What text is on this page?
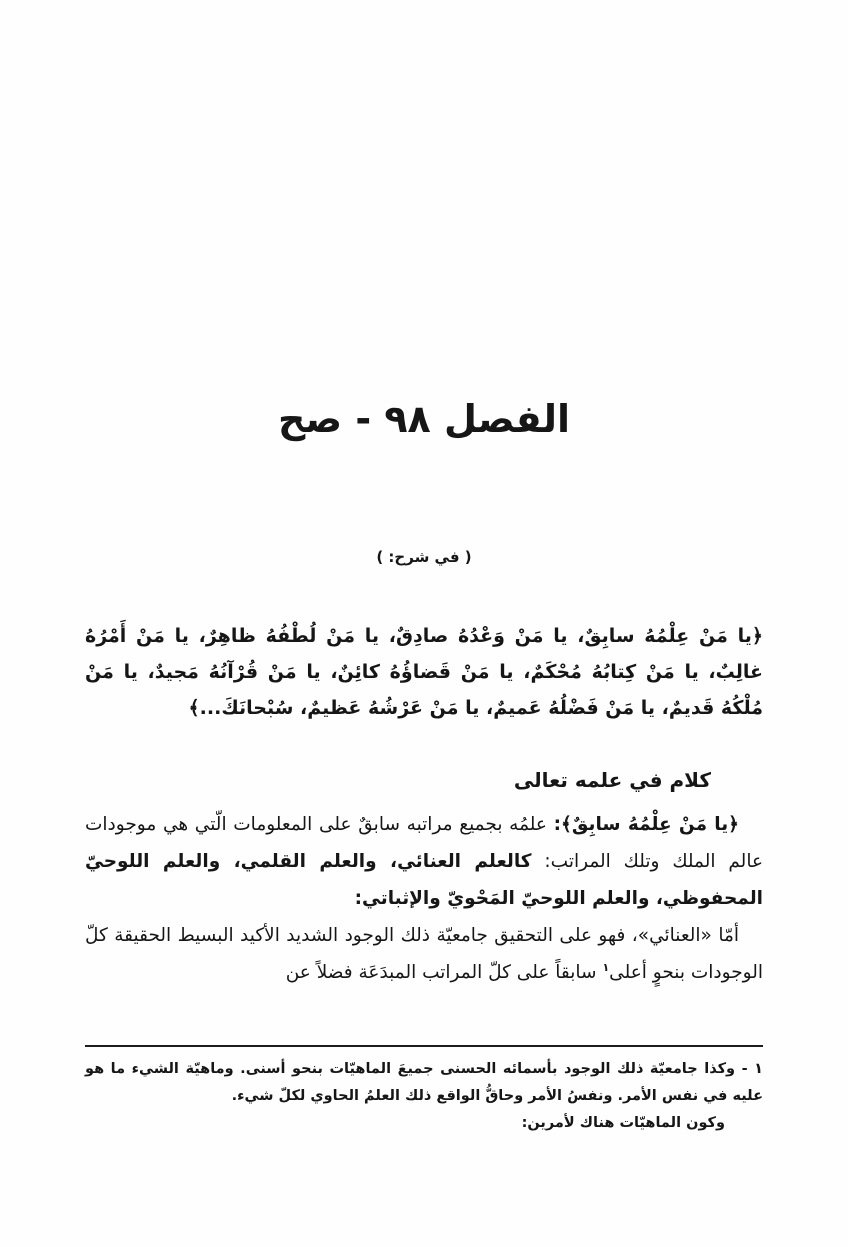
الفصل ٩٨ - صح
( في شرح: )

﴿يا مَنْ عِلْمُهُ سابِقٌ، يا مَنْ وَعْدُهُ صادِقٌ، يا مَنْ لُطْفُهُ ظاهِرٌ، يا مَنْ أَمْرُهُ غالِبٌ، يا مَنْ كِتابُهُ مُحْكَمٌ، يا مَنْ قَضاؤُهُ كائِنٌ، يا مَنْ قُرْآنُهُ مَجيدٌ، يا مَنْ مُلْكُهُ قَديمٌ، يا مَنْ فَضْلُهُ عَميمٌ، يا مَنْ عَرْشُهُ عَظيمٌ، سُبْحانَكَ...﴾

كلام في علمه تعالى

﴿يا مَنْ عِلْمُهُ سابِقٌ﴾: علمُه بجميع مراتبه سابقٌ على المعلومات الّتي هي موجودات عالم الملك وتلك المراتب: كالعلم العنائي، والعلم القلمي، والعلم اللوحيّ المحفوظي، والعلم اللوحيّ المَحْويّ والإثباتي:

أمّا «العنائي»، فهو على التحقيق جامعيّة ذلك الوجود الشديد الأكيد البسيط الحقيقة كلّ الوجودات بنحوٍ أعلى$^١$ سابقاً على كلّ المراتب المبدَعَة فضلاً عن

١ - وكذا جامعيّة ذلك الوجود بأسمائه الحسنى جميعَ الماهيّات بنحو أسنى. وماهيّة الشيء ما هو عليه في نفس الأمر. ونفسُ الأمر وحاقُّ الواقع ذلك العلمُ الحاوي لكلّ شيء.

وكون الماهيّات هناك لأمرين:
